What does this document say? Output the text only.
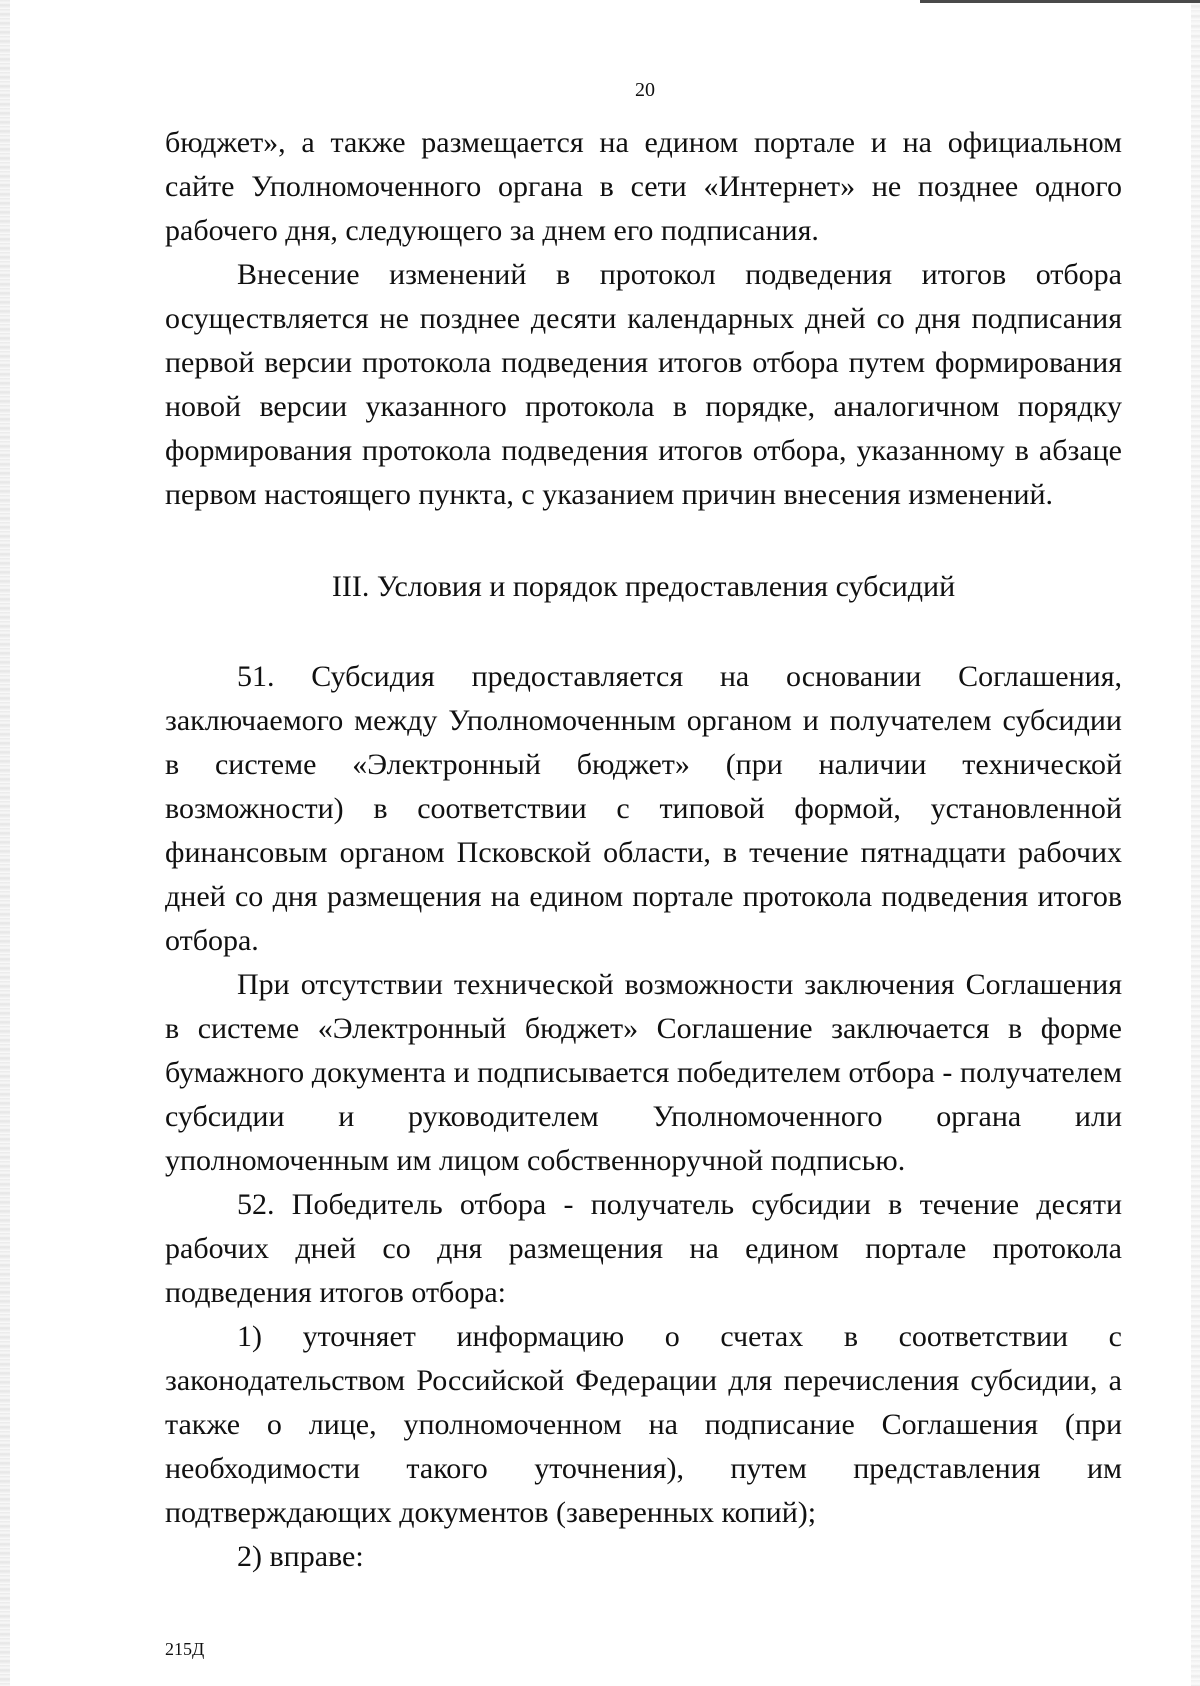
20

бюджет», а также размещается на едином портале и на официальном сайте Уполномоченного органа в сети «Интернет» не позднее одного рабочего дня, следующего за днем его подписания.

Внесение изменений в протокол подведения итогов отбора осуществляется не позднее десяти календарных дней со дня подписания первой версии протокола подведения итогов отбора путем формирования новой версии указанного протокола в порядке, аналогичном порядку формирования протокола подведения итогов отбора, указанному в абзаце первом настоящего пункта, с указанием причин внесения изменений.

III. Условия и порядок предоставления субсидий

51. Субсидия предоставляется на основании Соглашения, заключаемого между Уполномоченным органом и получателем субсидии в системе «Электронный бюджет» (при наличии технической возможности) в соответствии с типовой формой, установленной финансовым органом Псковской области, в течение пятнадцати рабочих дней со дня размещения на едином портале протокола подведения итогов отбора.

При отсутствии технической возможности заключения Соглашения в системе «Электронный бюджет» Соглашение заключается в форме бумажного документа и подписывается победителем отбора - получателем субсидии и руководителем Уполномоченного органа или уполномоченным им лицом собственноручной подписью.

52. Победитель отбора - получатель субсидии в течение десяти рабочих дней со дня размещения на едином портале протокола подведения итогов отбора:

1) уточняет информацию о счетах в соответствии с законодательством Российской Федерации для перечисления субсидии, а также о лице, уполномоченном на подписание Соглашения (при необходимости такого уточнения), путем представления им подтверждающих документов (заверенных копий);

2) вправе:

215Д
